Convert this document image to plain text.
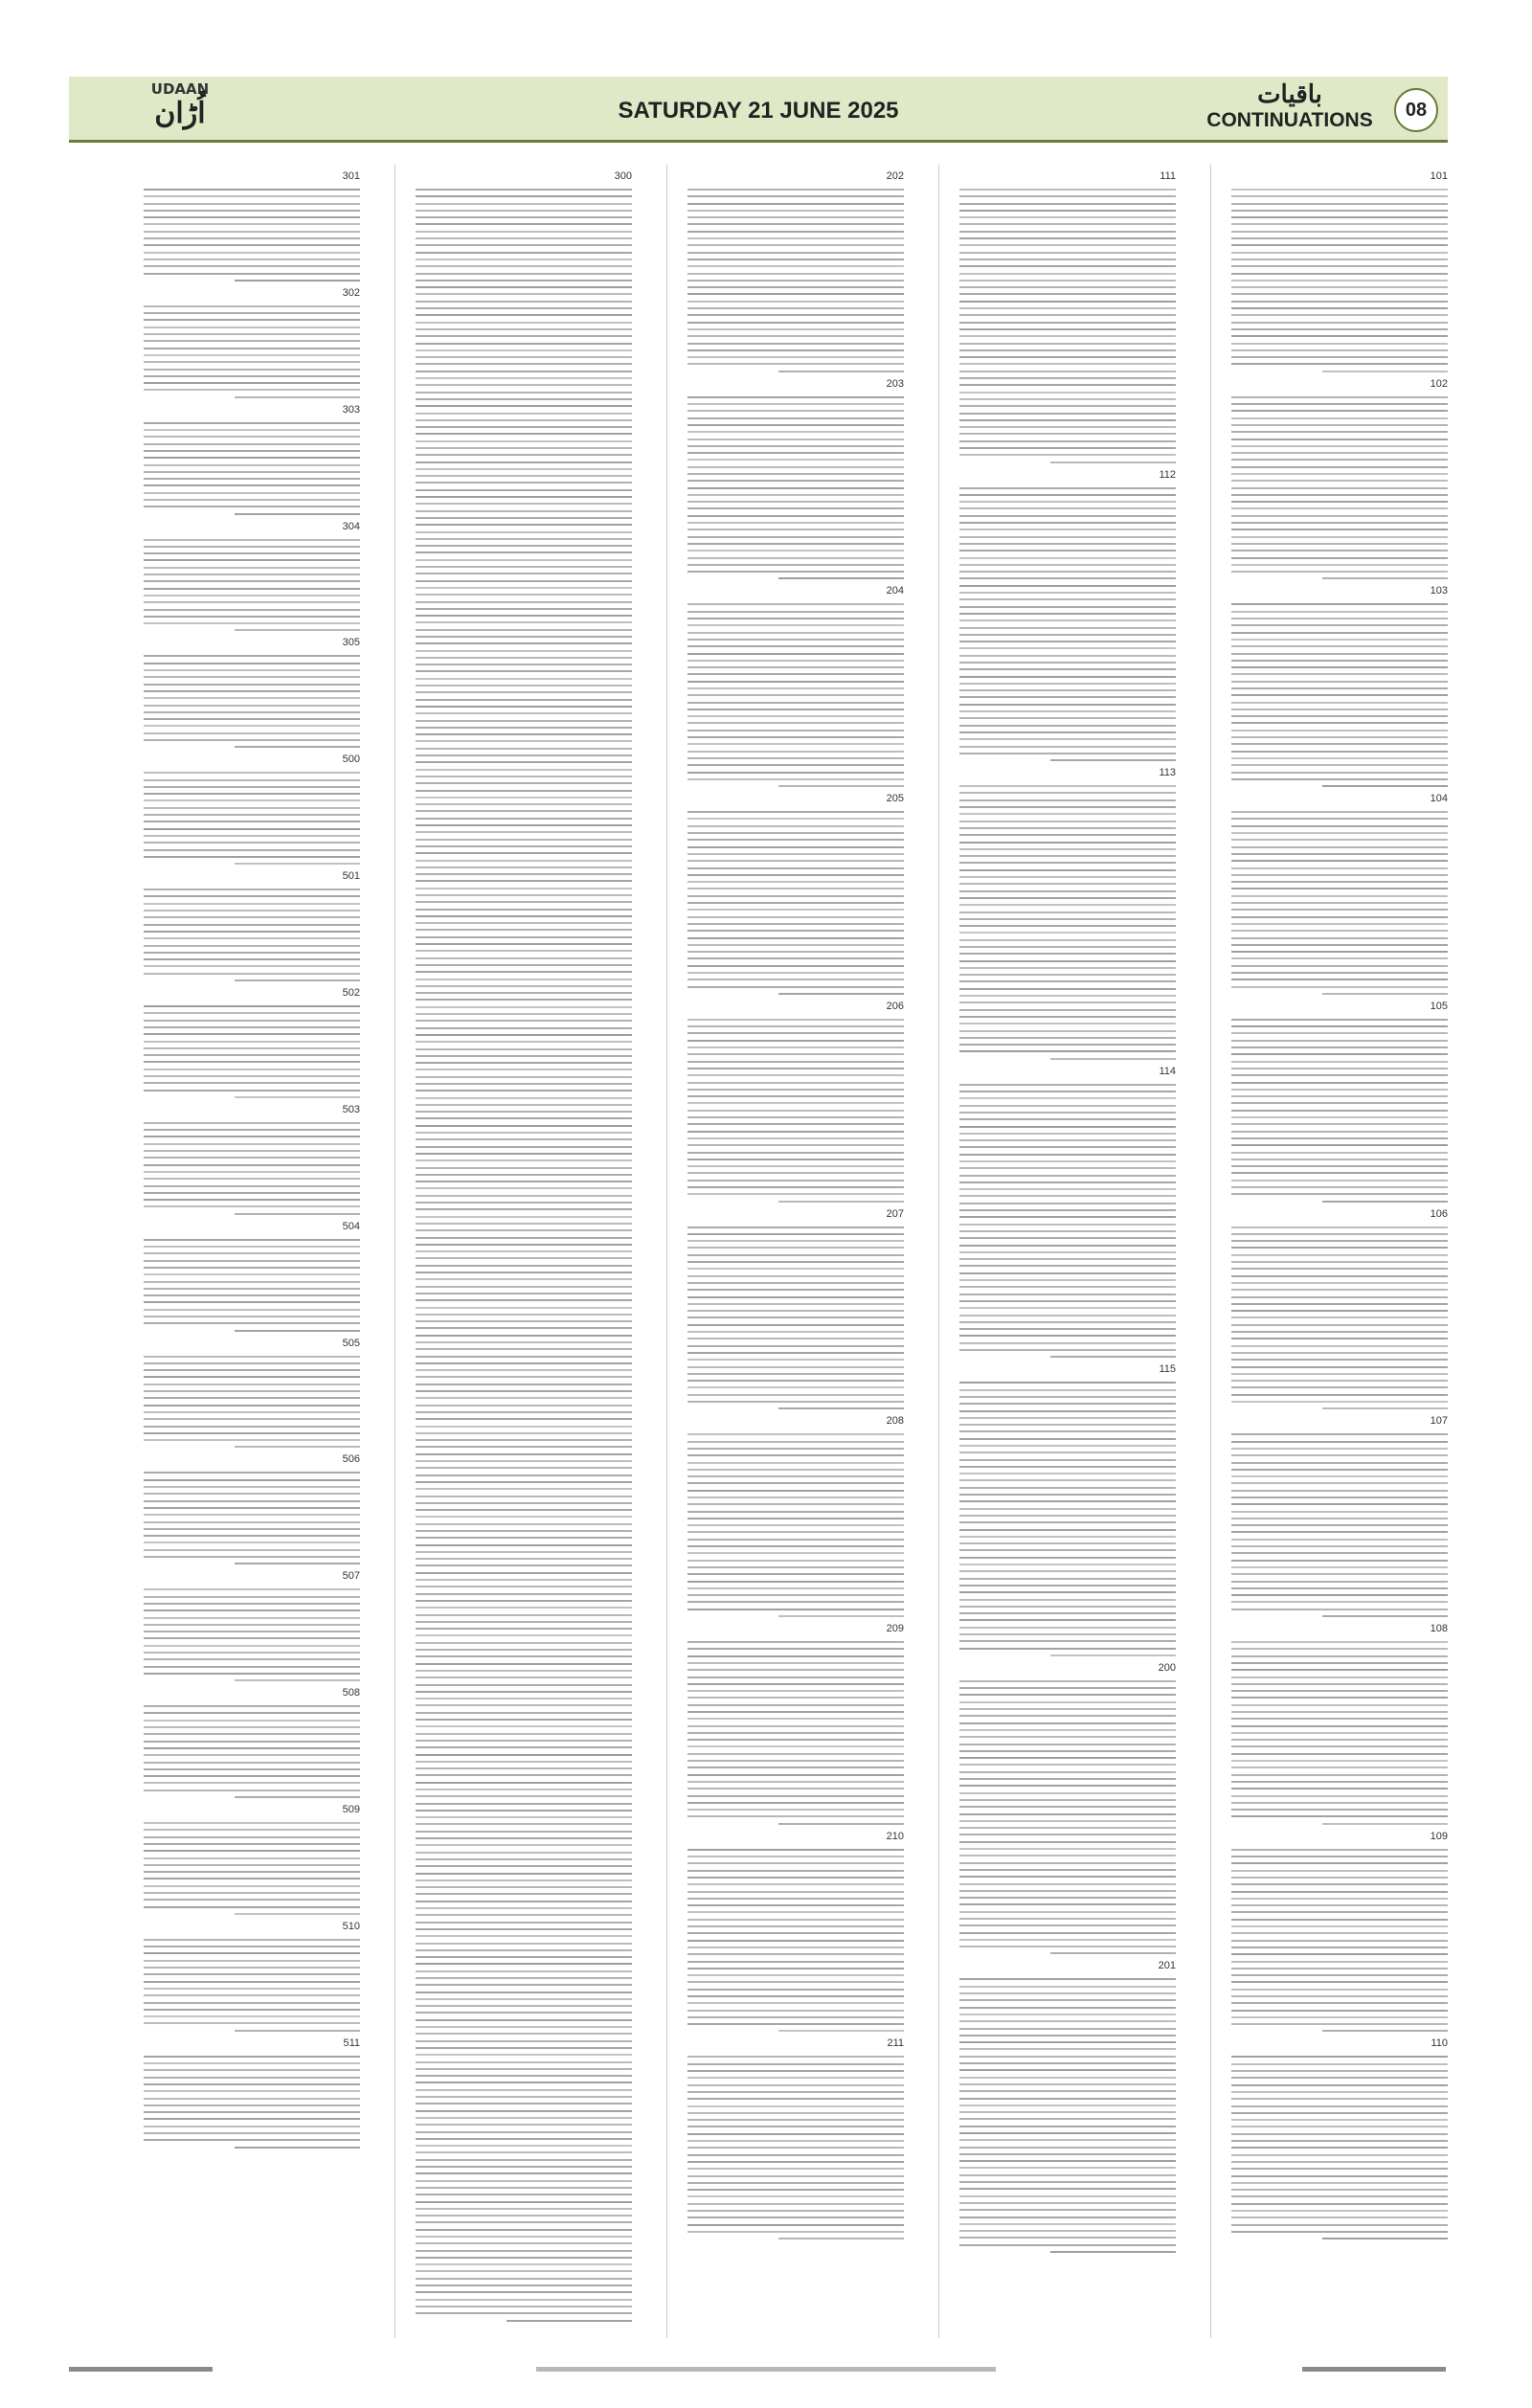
UDAAN
اُڑان	SATURDAY 21 JUNE 2025
باقیات
CONTINUATIONS	08
101
102
103
104
105
106
107
108
109
110
111
112
113
114
115
200
201
202
203
204
205
206
207
208
209
210
211
300
301
302
303
304
305
500
501
502
503
504
505
506
507
508
509
510
511
